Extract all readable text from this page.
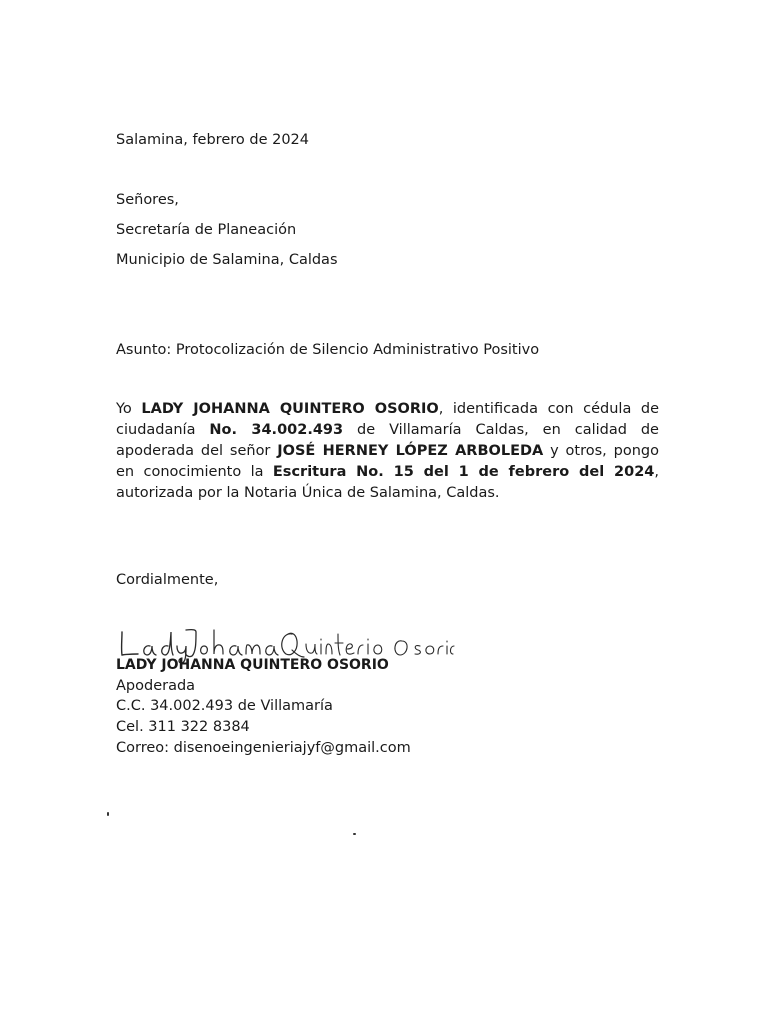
Salamina, febrero de 2024
Señores,
Secretaría de Planeación
Municipio de Salamina, Caldas
Asunto: Protocolización de Silencio Administrativo Positivo
Yo LADY JOHANNA QUINTERO OSORIO, identificada con cédula de ciudadanía No. 34.002.493 de Villamaría Caldas, en calidad de apoderada del señor JOSÉ HERNEY LÓPEZ ARBOLEDA y otros, pongo en conocimiento la Escritura No. 15 del 1 de febrero del 2024, autorizada por la Notaria Única de Salamina, Caldas.
Cordialmente,
LADY JOHANNA QUINTERO OSORIO
Apoderada
C.C. 34.002.493 de Villamaría
Cel. 311 322 8384
Correo: disenoeingenieriajyf@gmail.com
